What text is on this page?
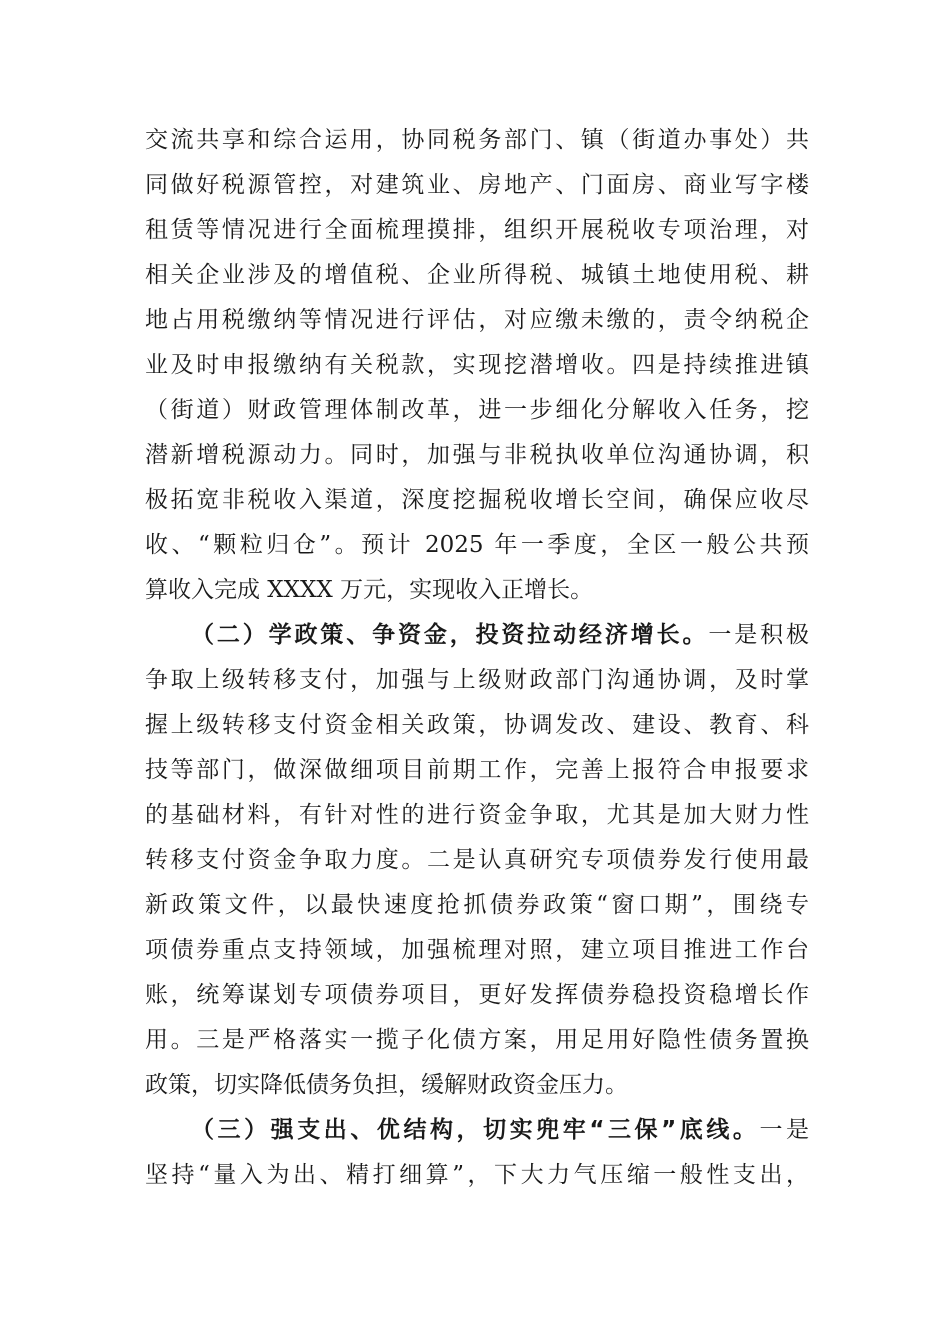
交流共享和综合运用，协同税务部门、镇（街道办事处）共
同做好税源管控，对建筑业、房地产、门面房、商业写字楼
租赁等情况进行全面梳理摸排，组织开展税收专项治理，对
相关企业涉及的增值税、企业所得税、城镇土地使用税、耕
地占用税缴纳等情况进行评估，对应缴未缴的，责令纳税企
业及时申报缴纳有关税款，实现挖潜增收。四是持续推进镇
（街道）财政管理体制改革，进一步细化分解收入任务，挖
潜新增税源动力。同时，加强与非税执收单位沟通协调，积
极拓宽非税收入渠道，深度挖掘税收增长空间，确保应收尽
收、“颗粒归仓”。预计 2025 年一季度，全区一般公共预
算收入完成 XXXX 万元，实现收入正增长。
（二）学政策、争资金，投资拉动经济增长。一是积极
争取上级转移支付，加强与上级财政部门沟通协调，及时掌
握上级转移支付资金相关政策，协调发改、建设、教育、科
技等部门，做深做细项目前期工作，完善上报符合申报要求
的基础材料，有针对性的进行资金争取，尤其是加大财力性
转移支付资金争取力度。二是认真研究专项债券发行使用最
新政策文件，以最快速度抢抓债券政策“窗口期”，围绕专
项债券重点支持领域，加强梳理对照，建立项目推进工作台
账，统筹谋划专项债券项目，更好发挥债券稳投资稳增长作
用。三是严格落实一揽子化债方案，用足用好隐性债务置换
政策，切实降低债务负担，缓解财政资金压力。
（三）强支出、优结构，切实兜牢“三保”底线。一是
坚持“量入为出、精打细算”，下大力气压缩一般性支出，
